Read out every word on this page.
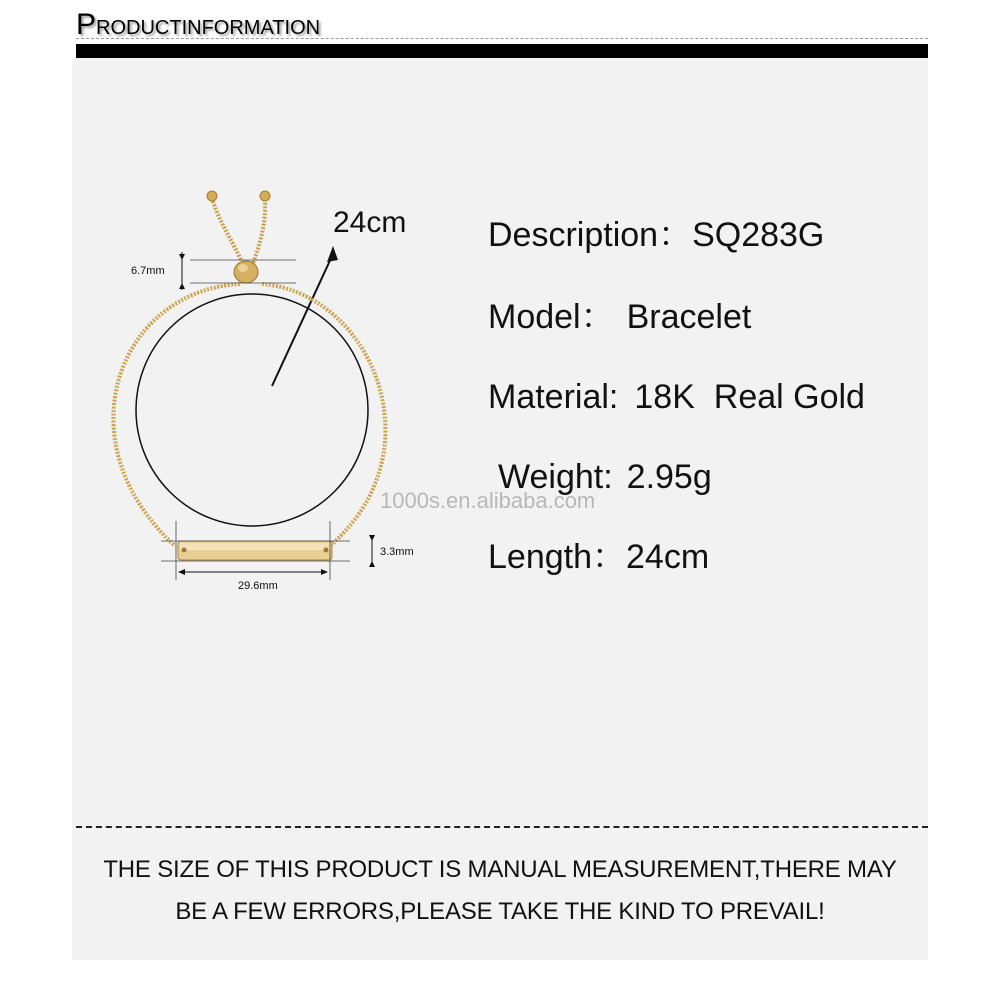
PRODUCTINFORMATION
6.7mm
3.3mm
29.6mm
24cm
1000s.en.alibaba.com
Description：SQ283G
Model： Bracelet
Material: 18K  Real Gold
Weight: 2.95g
Length：24cm
THE SIZE OF THIS PRODUCT IS MANUAL MEASUREMENT,THERE MAY
BE A FEW ERRORS,PLEASE TAKE THE KIND TO PREVAIL!
